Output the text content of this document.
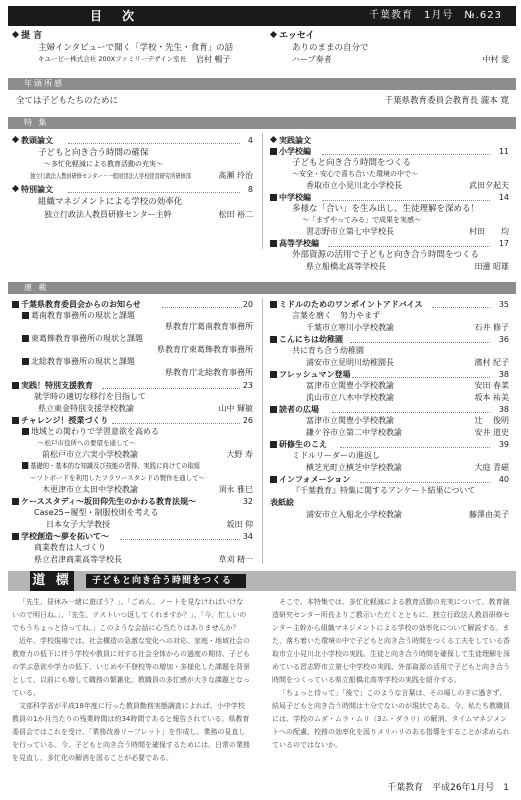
目 次	千葉教育　1月号　№.623
提 言
主婦インタビューで聞く「学校・先生・食育」の話
キユーピー株式会社 200Xファミリーデザイン室長 岩村 暢子
エッセイ
ありのままの自分で
ハープ奏者	中村 愛
年頭所感
全ては子どもたちのために	千葉県教育委員会教育長 瀧本 寛
特 集
教頭論文	4
子どもと向き合う時間の確保
～多忙化軽減による教育活動の充実～
独立行政法人教員研修センター・一般財団法人学校経営研究所研修部	髙瀬 玲治
特別論文	8
組織マネジメントによる学校の効率化
独立行政法人教員研修センター主幹	松田 裕二
実践論文
小学校編	11
子どもと向き合う時間をつくる
～安全・安心で喜ち合いた環境の中で～
香取市立小見川北小学校長	武田夕起夫
中学校編	14
多様な「合い」を生み出し、生徒理解を深める！
～「まずやってみる」で成果を実感～
習志野市立第七中学校長	村田　　均
高等学校編	17
外部資源の活用で子どもと向き合う時間をつくる
県立船橋北高等学校長	田邊 昭雄
連 載
千葉県教育委員会からのお知らせ	20
葛南教育事務所の現状と課題
県教育庁葛南教育事務所
東葛飾教育事務所の現状と課題
県教育庁東葛飾教育事務所
北総教育事務所の現状と課題
県教育庁北総教育事務所
実践！特別支援教育	23
就学時の適切な移行を目指して
県立東金特別支援学校教諭	山中 輝敏
チャレンジ！授業づくり	26
地域との関わりで学習意欲を高める
～松戸市役所への要望を通して～
前松戸市立六実小学校教諭	大野 寿
基礎的・基本的な知識及び技能の習得、実践に向けての取組
～ソトボードを利用したフラワースタンドの製作を通して～
木更津市立太田中学校教諭	須永 雅巳
ケーススタディ～坂田仰先生のかわる教育法規～	32
Case25−履型・制服校則を考える
日本女子大学教授	坂田 仰
学校創造～夢を拓いて～	34
商業教育は人づくり
県立君津商業高等学校長	草刈 精一
ミドルのためのワンポイントアドバイス	35
言葉を磨く　努力やまず
千葉市立寒川小学校教諭	石井 修子
こんにちは幼稚園	36
共に育ち合う幼稚園
浦安市立見明川幼稚園長	濱村 紀子
フレッシュマン登場	38
富津市立関豊小学校教諭	安田 春菜
流山市立八木中学校教諭	坂本 祐美
読者の広場	38
富津市立関豊小学校教諭	辻　 俊明
鎌ケ谷市立第二中学校教諭	安井 道史
研修生のこえ	39
ミドルリーダーの進返し
横芝光町立横芝中学校教諭	大庭 青磁
インフォメーション	40
『千葉教育』特集に関するアンケート結果について
表紙絵
浦安市立入船北小学校教諭	藤澤由美子
道 標	子どもと向き合う時間をつくる

「先生、昼休み一緒に遊ぼう？」、「ごめん、ノートを見なければいけないので明日ね。」、「先生、テストいつ返してくれますか？」、「今、忙しいのでもうちょっと待ってね。」このような会話に心当たりはありませんか？

近年、学校現場では、社会構造の急激な変化への対応、家庭・地域社会の教育力の低下に伴う学校や教員に対する社会全体からの過度の期待、子どもの学ぶ意欲や学力の低下、いじめや不登校等の増加・多様化した課題を背景として、以前にも増して職務の繁雑化、教職員の多忙感が大きな課題となっている。

文部科学省が平成18年度に行った教員勤務実態調査によれば、小中学校教員の1か月当たりの残業時間は約34時間であると報告されている。県教育委員会ではこれを受け、「業務改善リーフレット」を作成し、業務の見直しを行っている。今、子どもと向き合う時間を確保するためには、日常の業務を見直し、多忙化の解消を図ることが必要である。

そこで、本特集では、多忙化軽減による教育活動の充実について、教育創造研究センター所長よりご教示いただくとともに、独立行政法人教員研修センター主幹から組織マネジメントによる学校の効率化について解説する。また、落ち着いた環境の中で子どもと向き合う時間をつくる工夫をしている香取市立小見川北小学校の実践、生徒と向き合う時間を確保して生徒理解を深めている習志野市立第七中学校の実践、外部資源の活用で子どもと向き合う時間をつくっている県立船橋北高等学校の実践を紹介する。

「ちょっと待って」「後で」このような言葉は、その場しのぎに過ぎず、結局子どもと向き合う時間は十分でないのが現状である。今、私たち教職員には、学校のムダ・ムラ・ムリ（3ム・ダラリ）の解消、タイムマネジメントへの配慮、校務の効率化を図りメリハリのある指導をすることが求められているのではないか。

千葉教育　平成26年1月号　1
